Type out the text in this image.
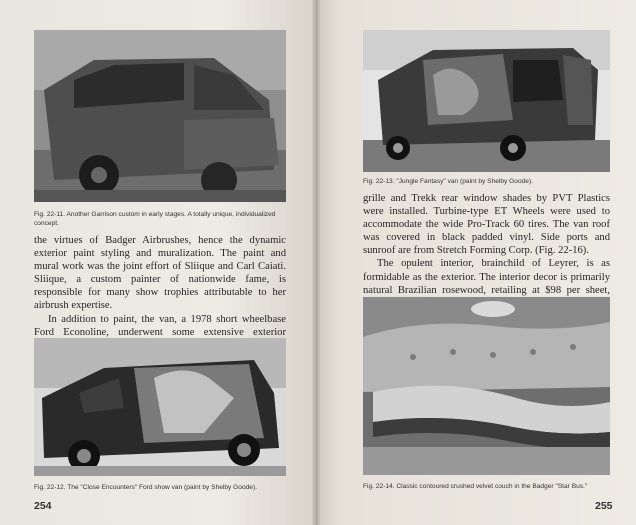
Fig. 22-11. Another Garrison custom in early stages. A totally unique, individualized concept.

the virtues of Badger Airbrushes, hence the dynamic exterior paint styling and muralization. The paint and mural work was the joint effort of Sliique and Carl Caiati. Sliique, a custom painter of nationwide fame, is responsible for many show trophies attributable to her airbrush expertise.

In addition to paint, the van, a 1978 short wheelbase Ford Econoline, underwent some extensive exterior

Fig. 22-12. The "Close Encounters" Ford show van (paint by Shelby Goode).
254
Fig. 22-13. "Jungle Fantasy" van (paint by Shelby Goode).

grille and Trekk rear window shades by PVT Plastics were installed. Turbine-type ET Wheels were used to accommodate the wide Pro-Track 60 tires. The van roof was covered in black padded vinyl. Side ports and sunroof are from Stretch Forming Corp. (Fig. 22-16).

The opulent interior, brainchild of Leyrer, is as formidable as the exterior. The interior decor is primarily natural Brazilian rosewood, retailing at $98 per sheet,

Fig. 22-14. Classic contoured crushed velvet couch in the Badger "Star Bus."
255
